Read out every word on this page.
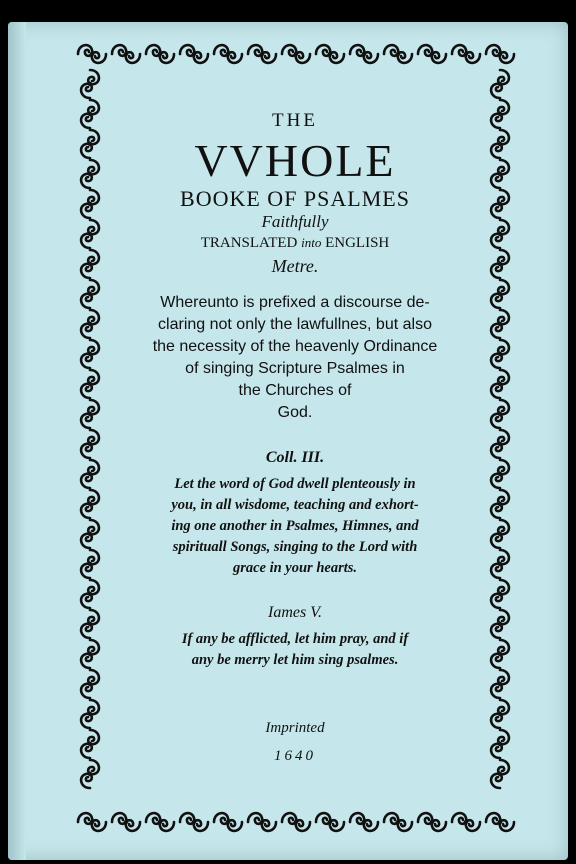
THE
VVHOLE
BOOKE OF PSALMES
Faithfully
TRANSLATED into ENGLISH
Metre.
Whereunto is prefixed a discourse de-
claring not only the lawfullnes, but also
the necessity of the heavenly Ordinance
of singing Scripture Psalmes in
the Churches of
God.
Coll. III.
Let the word of God dwell plenteously in
you, in all wisdome, teaching and exhort-
ing one another in Psalmes, Himnes, and
spirituall Songs, singing to the Lord with
grace in your hearts.
Iames V.
If any be afflicted, let him pray, and if
any be merry let him sing psalmes.
Imprinted
1640
